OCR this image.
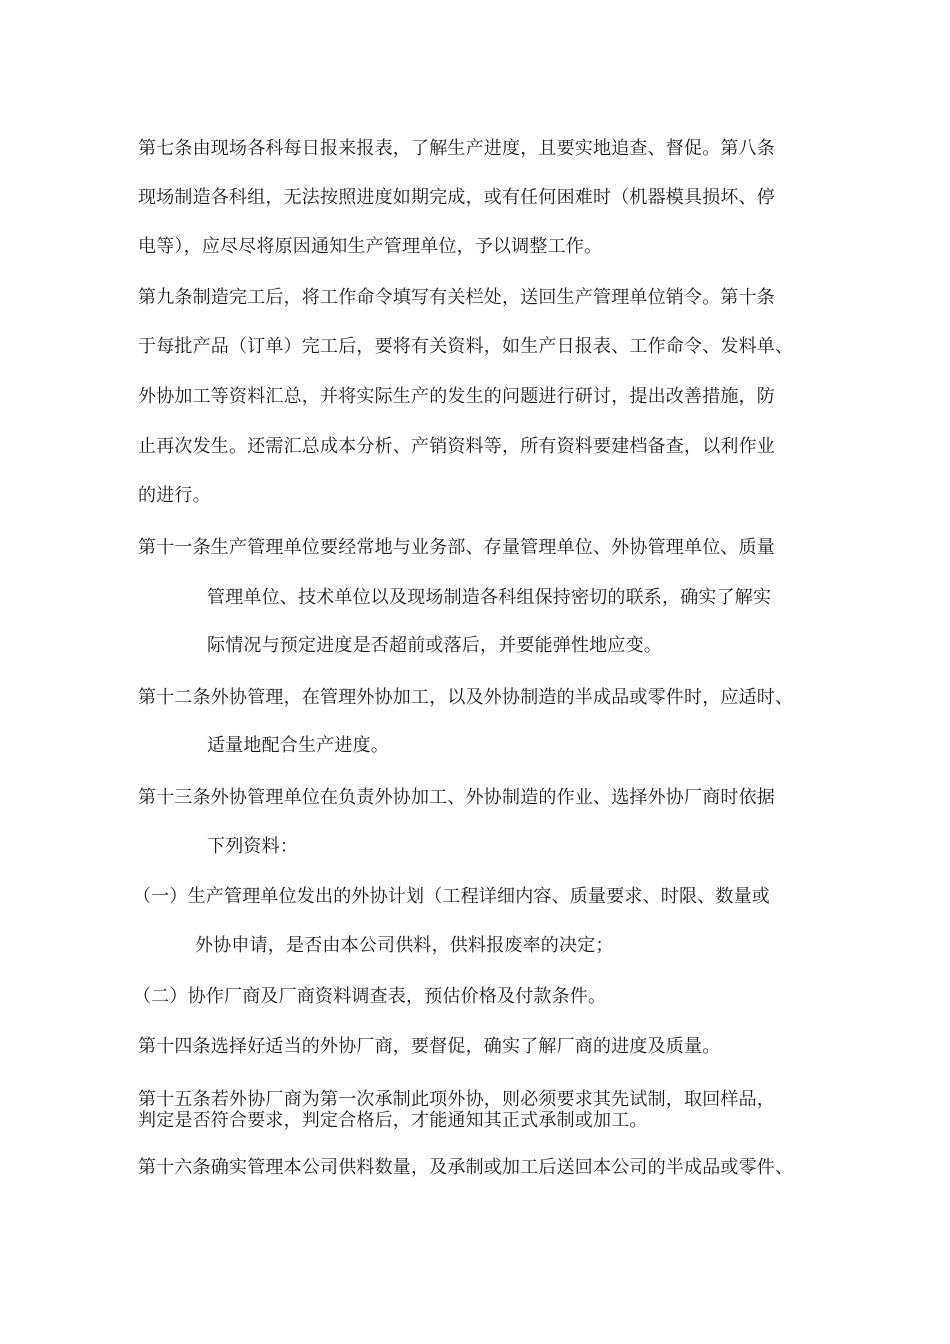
第七条由现场各科每日报来报表，了解生产进度，且要实地追查、督促。第八条
现场制造各科组，无法按照进度如期完成，或有任何困难时（机器模具损坏、停
电等），应尽尽将原因通知生产管理单位，予以调整工作。
第九条制造完工后，将工作命令填写有关栏处，送回生产管理单位销令。第十条
于每批产品（订单）完工后，要将有关资料，如生产日报表、工作命令、发料单、
外协加工等资料汇总，并将实际生产的发生的问题进行研讨，提出改善措施，防
止再次发生。还需汇总成本分析、产销资料等，所有资料要建档备查，以利作业
的进行。
第十一条生产管理单位要经常地与业务部、存量管理单位、外协管理单位、质量
管理单位、技术单位以及现场制造各科组保持密切的联系，确实了解实
际情况与预定进度是否超前或落后，并要能弹性地应变。
第十二条外协管理，在管理外协加工，以及外协制造的半成品或零件时，应适时、
适量地配合生产进度。
第十三条外协管理单位在负责外协加工、外协制造的作业、选择外协厂商时依据
下列资料：
（一）生产管理单位发出的外协计划（工程详细内容、质量要求、时限、数量或
外协申请，是否由本公司供料，供料报废率的决定；
（二）协作厂商及厂商资料调查表，预估价格及付款条件。
第十四条选择好适当的外协厂商，要督促，确实了解厂商的进度及质量。
第十五条若外协厂商为第一次承制此项外协，则必须要求其先试制，取回样品，
判定是否符合要求，判定合格后，才能通知其正式承制或加工。
第十六条确实管理本公司供料数量，及承制或加工后送回本公司的半成品或零件、
